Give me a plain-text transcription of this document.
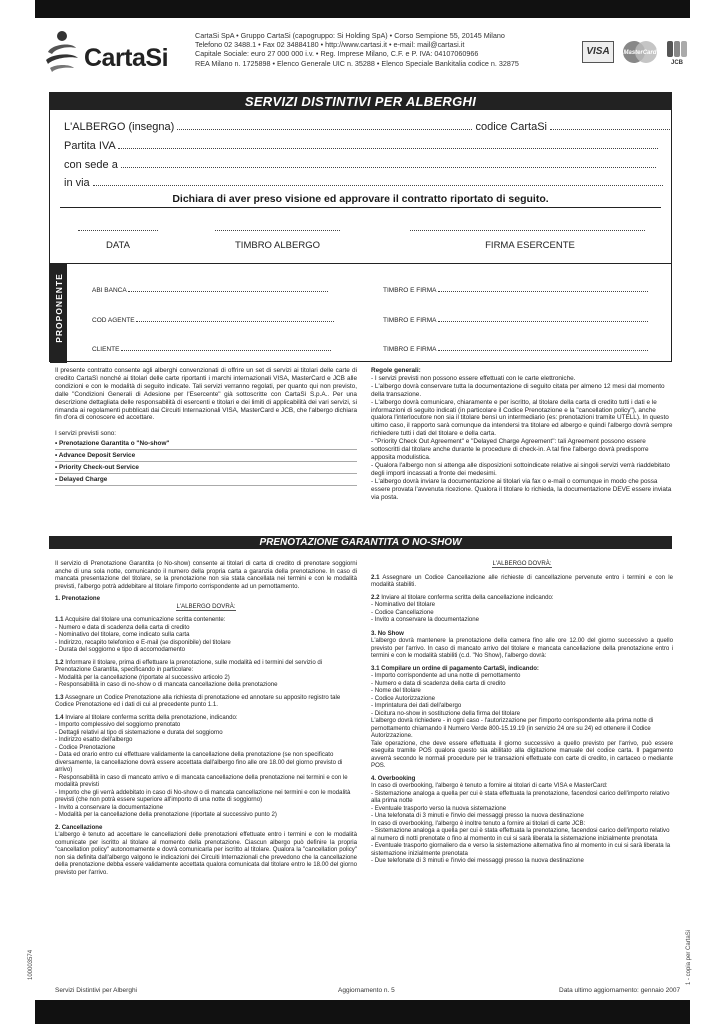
CartaSi
CartaSi SpA • Gruppo CartaSi (capogruppo: Si Holding SpA) • Corso Sempione 55, 20145 Milano
Telefono 02 3488.1 • Fax 02 34884180 • http://www.cartasi.it • e-mail: mail@cartasi.it
Capitale Sociale: euro 27 000 000 i.v. • Reg. Imprese Milano, C.F. e P. IVA: 04107060966
REA Milano n. 1725898 • Elenco Generale UIC n. 35288 • Elenco Speciale Bankitalia codice n. 32875
VISA	MasterCard
JCB
SERVIZI DISTINTIVI PER ALBERGHI
L'ALBERGO (insegna)	codice CartaSi
Partita IVA
con sede a
in via
Dichiara di aver preso visione ed approvare il contratto riportato di seguito.
DATA	TIMBRO ALBERGO	FIRMA ESERCENTE
PROPONENTE	ABI BANCA	TIMBRO E FIRMA
COD AGENTE	TIMBRO E FIRMA
CLIENTE	TIMBRO E FIRMA

Il presente contratto consente agli alberghi convenzionati di offrire un set di servizi ai titolari delle carte di credito CartaSì nonché ai titolari delle carte riportanti i marchi internazionali VISA, MasterCard e JCB alle condizioni e con le modalità di seguito indicate. Tali servizi verranno regolati, per quanto qui non previsto, dalle "Condizioni Generali di Adesione per l'Esercente" già sottoscritte con CartaSì S.p.A.. Per una descrizione dettagliata delle responsabilità di esercenti e titolari e dei limiti di applicabilità dei vari servizi, si rimanda ai regolamenti pubblicati dai Circuiti Internazionali VISA, MasterCard e JCB, che l'albergo dichiara fin d'ora di conoscere ed accettare.

I servizi previsti sono:

• Prenotazione Garantita o "No-show"
• Advance Deposit Service
• Priority Check-out Service
• Delayed Charge
Regole generali:
- I servizi previsti non possono essere effettuati con le carte elettroniche.
- L'albergo dovrà conservare tutta la documentazione di seguito citata per almeno 12 mesi dal momento della transazione.
- L'albergo dovrà comunicare, chiaramente e per iscritto, al titolare della carta di credito tutti i dati e le informazioni di seguito indicati (in particolare il Codice Prenotazione e la "cancellation policy"), anche qualora l'interlocutore non sia il titolare bensì un intermediario (es: prenotazioni tramite UTELL). In questo ultimo caso, il rapporto sarà comunque da intendersi tra titolare ed albergo e quindi l'albergo dovrà sempre richiedere tutti i dati del titolare e della carta.
- "Priority Check Out Agreement" e "Delayed Charge Agreement": tali Agreement possono essere sottoscritti dal titolare anche durante le procedure di check-in. A tal fine l'albergo dovrà predisporre apposita modulistica.
- Qualora l'albergo non si attenga alle disposizioni sottoindicate relative ai singoli servizi verrà riaddebitato degli importi incassati a fronte dei medesimi.
- L'albergo dovrà inviare la documentazione ai titolari via fax o e-mail o comunque in modo che possa essere provata l'avvenuta ricezione. Qualora il titolare lo richieda, la documentazione DEVE essere inviata via posta.
PRENOTAZIONE GARANTITA O NO-SHOW

Il servizio di Prenotazione Garantita (o No-show) consente ai titolari di carta di credito di prenotare soggiorni anche di una sola notte, comunicando il numero della propria carta a garanzia della prenotazione. In caso di mancata presentazione del titolare, se la prenotazione non sia stata cancellata nei termini e con le modalità previsti, l'albergo potrà addebitare al titolare l'importo corrispondente ad un pernottamento.

1. Prenotazione
L'ALBERGO DOVRÀ:
1.1 Acquisire dal titolare una comunicazione scritta contenente:
- Numero e data di scadenza della carta di credito
- Nominativo del titolare, come indicato sulla carta
- Indirizzo, recapito telefonico e E-mail (se disponibile) del titolare
- Durata del soggiorno e tipo di accomodamento
1.2 Informare il titolare, prima di effettuare la prenotazione, sulle modalità ed i termini del servizio di Prenotazione Garantita, specificando in particolare:
- Modalità per la cancellazione (riportate al successivo articolo 2)
- Responsabilità in caso di no-show o di mancata cancellazione della prenotazione
1.3 Assegnare un Codice Prenotazione alla richiesta di prenotazione ed annotare su apposito registro tale Codice Prenotazione ed i dati di cui al precedente punto 1.1.
1.4 Inviare al titolare conferma scritta della prenotazione, indicando:
- Importo complessivo del soggiorno prenotato
- Dettagli relativi al tipo di sistemazione e durata del soggiorno
- Indirizzo esatto dell'albergo
- Codice Prenotazione
- Data ed orario entro cui effettuare validamente la cancellazione della prenotazione (se non specificato diversamente, la cancellazione dovrà essere accettata dall'albergo fino alle ore 18.00 del giorno previsto di arrivo)
- Responsabilità in caso di mancato arrivo e di mancata cancellazione della prenotazione nei termini e con le modalità previsti
- Importo che gli verrà addebitato in caso di No-show o di mancata cancellazione nei termini e con le modalità previsti (che non potrà essere superiore all'importo di una notte di soggiorno)
- Invito a conservare la documentazione
- Modalità per la cancellazione della prenotazione (riportate al successivo punto 2)
2. Cancellazione

L'albergo è tenuto ad accettare le cancellazioni delle prenotazioni effettuate entro i termini e con le modalità comunicate per iscritto al titolare al momento della prenotazione. Ciascun albergo può definire la propria "cancellation policy" autonomamente e dovrà comunicarla per iscritto al titolare. Qualora la "cancellation policy" non sia definita dall'albergo valgono le indicazioni dei Circuiti Internazionali che prevedono che la cancellazione della prenotazione debba essere validamente accettata qualora comunicata dal titolare entro le 18.00 del giorno previsto per l'arrivo.

L'ALBERGO DOVRÀ:

2.1 Assegnare un Codice Cancellazione alle richieste di cancellazione pervenute entro i termini e con le modalità stabiliti.

2.2 Inviare al titolare conferma scritta della cancellazione indicando:
- Nominativo del titolare
- Codice Cancellazione
- Invito a conservare la documentazione
3. No Show

L'albergo dovrà mantenere la prenotazione della camera fino alle ore 12.00 del giorno successivo a quello previsto per l'arrivo. In caso di mancato arrivo del titolare e mancata cancellazione della prenotazione entro i termini e con le modalità stabiliti (c.d. "No Show), l'albergo dovrà:

3.1 Compilare un ordine di pagamento CartaSì, indicando:
- Importo corrispondente ad una notte di pernottamento
- Numero e data di scadenza della carta di credito
- Nome del titolare
- Codice Autorizzazione
- Imprintatura dei dati dell'albergo
- Dicitura no-show in sostituzione della firma del titolare
L'albergo dovrà richiedere - in ogni caso - l'autorizzazione per l'importo corrispondente alla prima notte di pernottamento chiamando il Numero Verde 800-15.19.19 (in servizio 24 ore su 24) ed ottenere il Codice Autorizzazione.

Tale operazione, che deve essere effettuata il giorno successivo a quello previsto per l'arrivo, può essere eseguita tramite POS qualora questo sia abilitato alla digitazione manuale del codice carta. Il pagamento avverrà secondo le normali procedure per le transazioni effettuate con carte di credito, in cartaceo o mediante POS.

4. Overbooking
In caso di overbooking, l'albergo è tenuto a fornire ai titolari di carte VISA e MasterCard:
- Sistemazione analoga a quella per cui è stata effettuata la prenotazione, facendosi carico dell'importo relativo alla prima notte
- Eventuale trasporto verso la nuova sistemazione
- Una telefonata di 3 minuti e l'invio dei messaggi presso la nuova destinazione
In caso di overbooking, l'albergo è inoltre tenuto a fornire ai titolari di carte JCB:
- Sistemazione analoga a quella per cui è stata effettuata la prenotazione, facendosi carico dell'importo relativo al numero di notti prenotate o fino al momento in cui si sarà liberata la sistemazione inizialmente prenotata
- Eventuale trasporto giornaliero da e verso la sistemazione alternativa fino al momento in cui si sarà liberata la sistemazione inizialmente prenotata
- Due telefonate di 3 minuti e l'invio dei messaggi presso la nuova destinazione
100003574	1 - copia per CartaSi
Servizi Distintivi per Alberghi	Aggiornamento n. 5	Data ultimo aggiornamento: gennaio 2007
